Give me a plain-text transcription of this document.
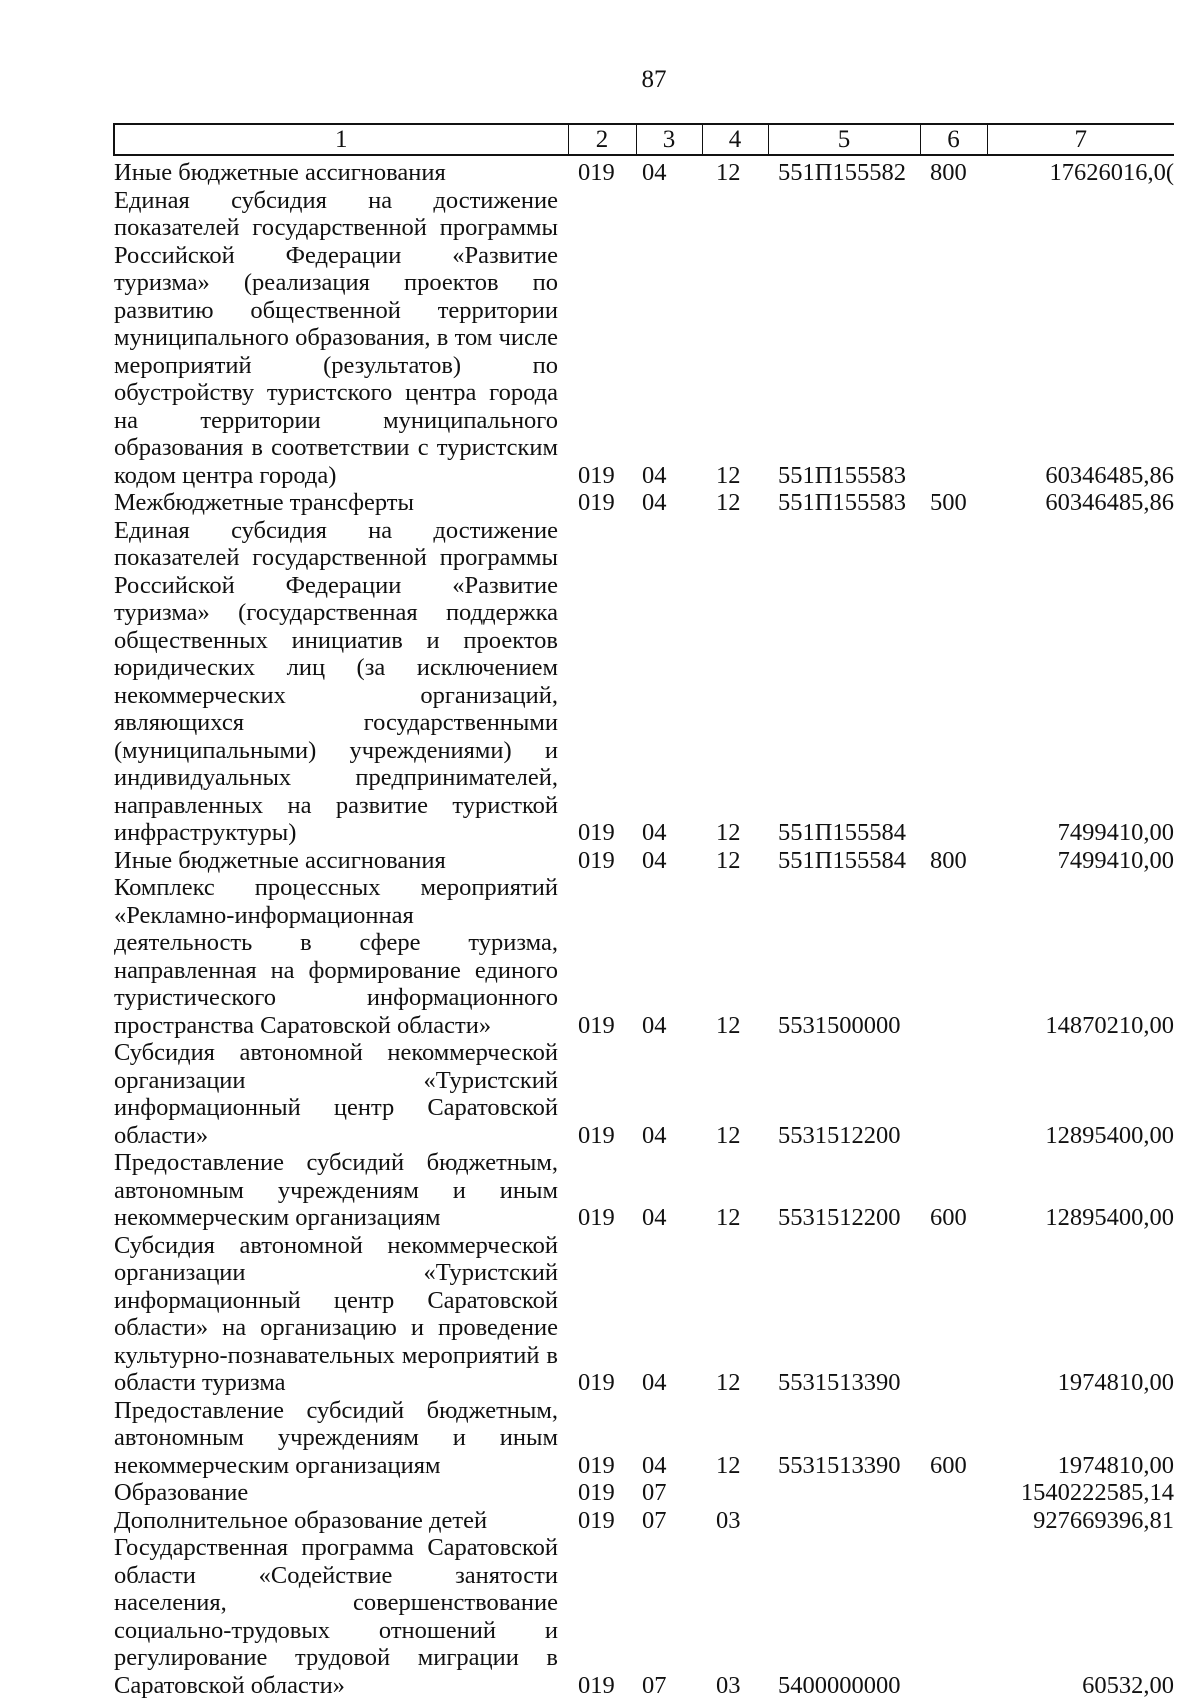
87
1	2	3	4	5	6	7
Иные бюджетные ассигнования	019	04	12	551П155582	800	17626016,0(
Единая субсидия на достижение показателей государственной программы Российской Федерации «Развитие туризма» (реализация проектов по развитию общественной территории муниципального образования, в том числе мероприятий (результатов) по обустройству туристского центра города на территории муниципального образования в соответствии с туристским кодом центра города)	019	04	12	551П155583		60346485,86
Межбюджетные трансферты	019	04	12	551П155583	500	60346485,86
Единая субсидия на достижение показателей государственной программы Российской Федерации «Развитие туризма» (государственная поддержка общественных инициатив и проектов юридических лиц (за исключением некоммерческих организаций, являющихся государственными (муниципальными) учреждениями) и индивидуальных предпринимателей, направленных на развитие туристкой инфраструктуры)	019	04	12	551П155584		7499410,00
Иные бюджетные ассигнования	019	04	12	551П155584	800	7499410,00
Комплекс процессных мероприятий «Рекламно-информационная деятельность в сфере туризма, направленная на формирование единого туристического информационного пространства Саратовской области»	019	04	12	5531500000		14870210,00
Субсидия автономной некоммерческой организации «Туристский информационный центр Саратовской области»	019	04	12	5531512200		12895400,00
Предоставление субсидий бюджетным, автономным учреждениям и иным некоммерческим организациям	019	04	12	5531512200	600	12895400,00
Субсидия автономной некоммерческой организации «Туристский информационный центр Саратовской области» на организацию и проведение культурно-познавательных мероприятий в области туризма	019	04	12	5531513390		1974810,00
Предоставление субсидий бюджетным, автономным учреждениям и иным некоммерческим организациям	019	04	12	5531513390	600	1974810,00
Образование	019	07				1540222585,14
Дополнительное образование детей	019	07	03			927669396,81
Государственная программа Саратовской области «Содействие занятости населения, совершенствование социально-трудовых отношений и регулирование трудовой миграции в Саратовской области»	019	07	03	5400000000		60532,00
